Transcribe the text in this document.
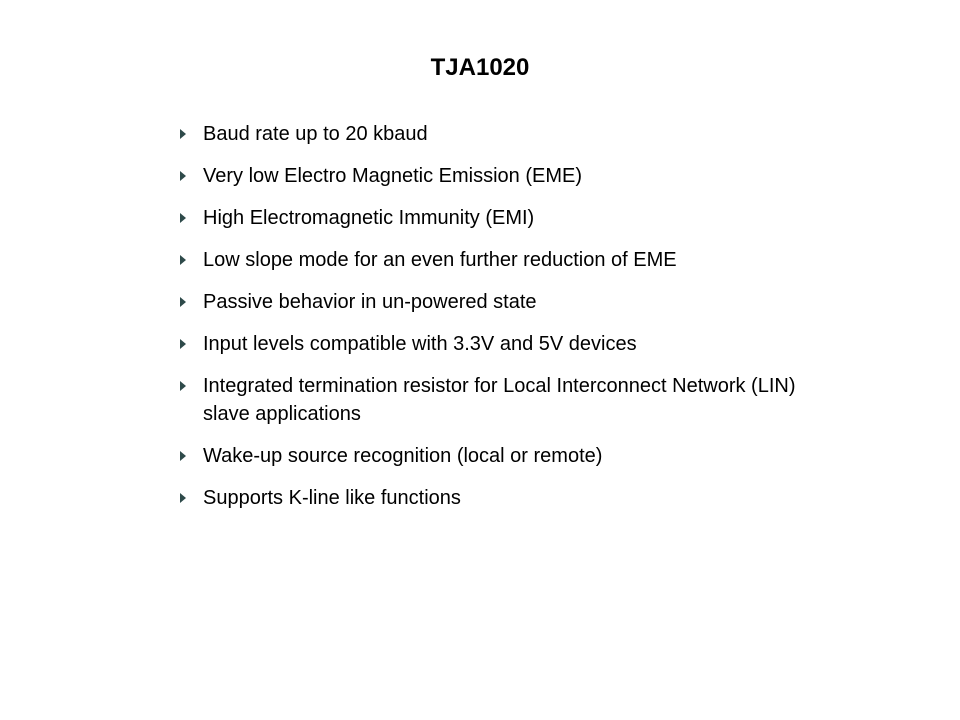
TJA1020
Baud rate up to 20 kbaud
Very low Electro Magnetic Emission (EME)
High Electromagnetic Immunity (EMI)
Low slope mode for an even further reduction of EME
Passive behavior in un-powered state
Input levels compatible with 3.3V and 5V devices
Integrated termination resistor for Local Interconnect Network (LIN) slave applications
Wake-up source recognition (local or remote)
Supports K-line like functions
